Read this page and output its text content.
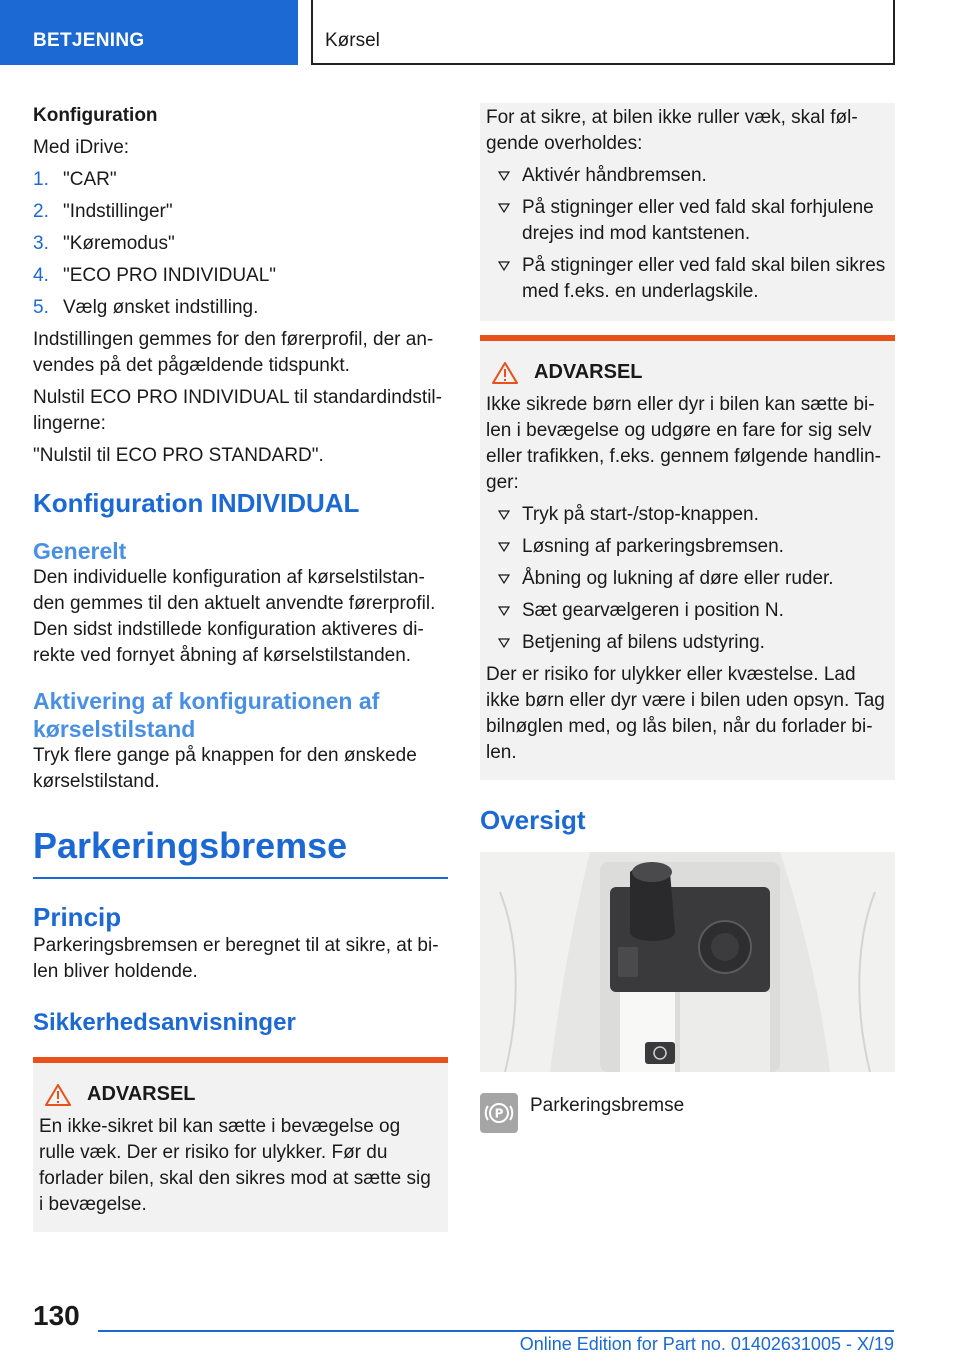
BETJENING	Kørsel

Konfiguration

Med iDrive:

1. "CAR"
2. "Indstillinger"
3. "Køremodus"
4. "ECO PRO INDIVIDUAL"
5. Vælg ønsket indstilling.

Indstillingen gemmes for den førerprofil, der anvendes på det pågældende tidspunkt.

Nulstil ECO PRO INDIVIDUAL til standardindstillingerne:

"Nulstil til ECO PRO STANDARD".

Konfiguration INDIVIDUAL
Generelt

Den individuelle konfiguration af kørselstilstanden gemmes til den aktuelt anvendte førerprofil. Den sidst indstillede konfiguration aktiveres direkte ved fornyet åbning af kørselstilstanden.

Aktivering af konfigurationen af kørselstilstand

Tryk flere gange på knappen for den ønskede kørselstilstand.

Parkeringsbremse
Princip

Parkeringsbremsen er beregnet til at sikre, at bilen bliver holdende.

Sikkerhedsanvisninger
ADVARSEL

En ikke-sikret bil kan sætte i bevægelse og rulle væk. Der er risiko for ulykker. Før du forlader bilen, skal den sikres mod at sætte sig i bevægelse.

For at sikre, at bilen ikke ruller væk, skal følgende overholdes:

Aktivér håndbremsen.
På stigninger eller ved fald skal forhjulene drejes ind mod kantstenen.
På stigninger eller ved fald skal bilen sikres med f.eks. en underlagskile.
ADVARSEL

Ikke sikrede børn eller dyr i bilen kan sætte bilen i bevægelse og udgøre en fare for sig selv eller trafikken, f.eks. gennem følgende handlinger:

Tryk på start-/stop-knappen.
Løsning af parkeringsbremsen.
Åbning og lukning af døre eller ruder.
Sæt gearvælgeren i position N.
Betjening af bilens udstyring.

Der er risiko for ulykker eller kvæstelse. Lad ikke børn eller dyr være i bilen uden opsyn. Tag bilnøglen med, og lås bilen, når du forlader bilen.

Oversigt
P Parkeringsbremse
130
Online Edition for Part no. 01402631005 - X/19
